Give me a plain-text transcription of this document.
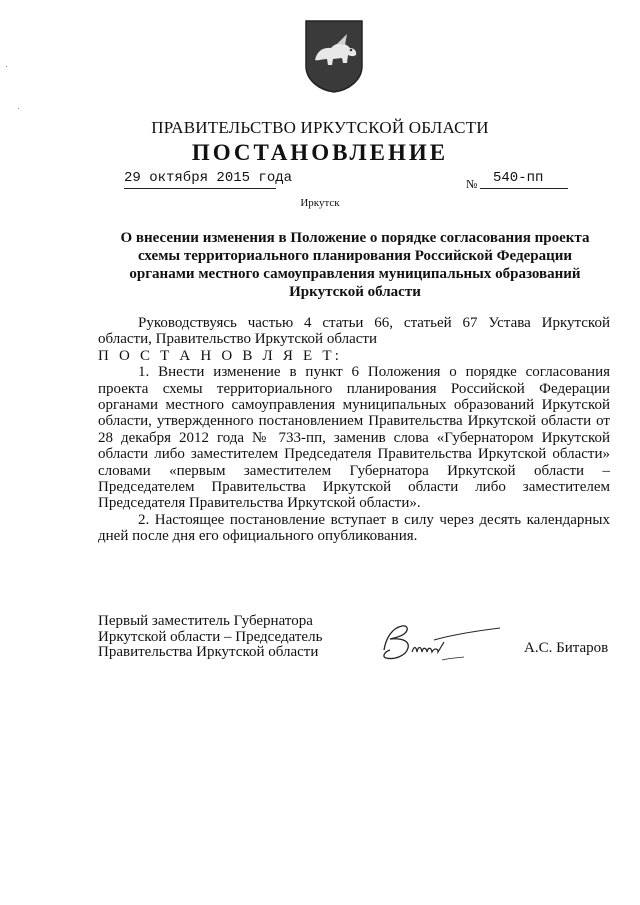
ПРАВИТЕЛЬСТВО ИРКУТСКОЙ ОБЛАСТИ
ПОСТАНОВЛЕНИЕ
29 октября 2015 года	№ 540-пп
Иркутск
О внесении изменения в Положение о порядке согласования проекта
схемы территориального планирования Российской Федерации
органами местного самоуправления муниципальных образований
Иркутской области

Руководствуясь частью 4 статьи 66, статьей 67 Устава Иркутской области, Правительство Иркутской области

П О С Т А Н О В Л Я Е Т:

1. Внести изменение в пункт 6 Положения о порядке согласования проекта схемы территориального планирования Российской Федерации органами местного самоуправления муниципальных образований Иркутской области, утвержденного постановлением Правительства Иркутской области от 28 декабря 2012 года № 733-пп, заменив слова «Губернатором Иркутской области либо заместителем Председателя Правительства Иркутской области» словами «первым заместителем Губернатора Иркутской области – Председателем Правительства Иркутской области либо заместителем Председателя Правительства Иркутской области».

2. Настоящее постановление вступает в силу через десять календарных дней после дня его официального опубликования.

Первый заместитель Губернатора
Иркутской области – Председатель
Правительства Иркутской области	А.С. Битаров
